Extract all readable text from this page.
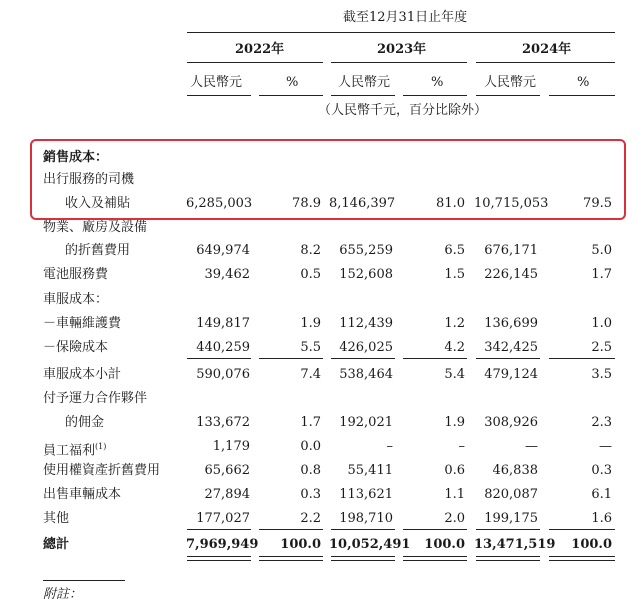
截至12月31日止年度
2022年	2023年	2024年
人民幣元	%	人民幣元	%	人民幣元	%
（人民幣千元，百分比除外）
銷售成本：
出行服務的司機
收入及補貼	6,285,003	78.9 8,146,397	81.0 10,715,053	79.5
物業、廠房及設備
的折舊費用	649,974	8.2	655,259	6.5	676,171	5.0
電池服務費	39,462	0.5	152,608	1.5	226,145	1.7
車服成本：
－車輛維護費	149,817	1.9	112,439	1.2	136,699	1.0
－保險成本	440,259	5.5	426,025	4.2	342,425	2.5
車服成本小計	590,076	7.4	538,464	5.4	479,124	3.5
付予運力合作夥伴
的佣金	133,672	1.7	192,021	1.9	308,926	2.3
員工福利$^{(1)}$	1,179	0.0	–	–	—	—
使用權資產折舊費用	65,662	0.8	55,411	0.6	46,838	0.3
出售車輛成本	27,894	0.3	113,621	1.1	820,087	6.1
其他	177,027	2.2	198,710	2.0	199,175	1.6
總計	7,969,949	100.0 10,052,491	100.0 13,471,519	100.0
附註：
